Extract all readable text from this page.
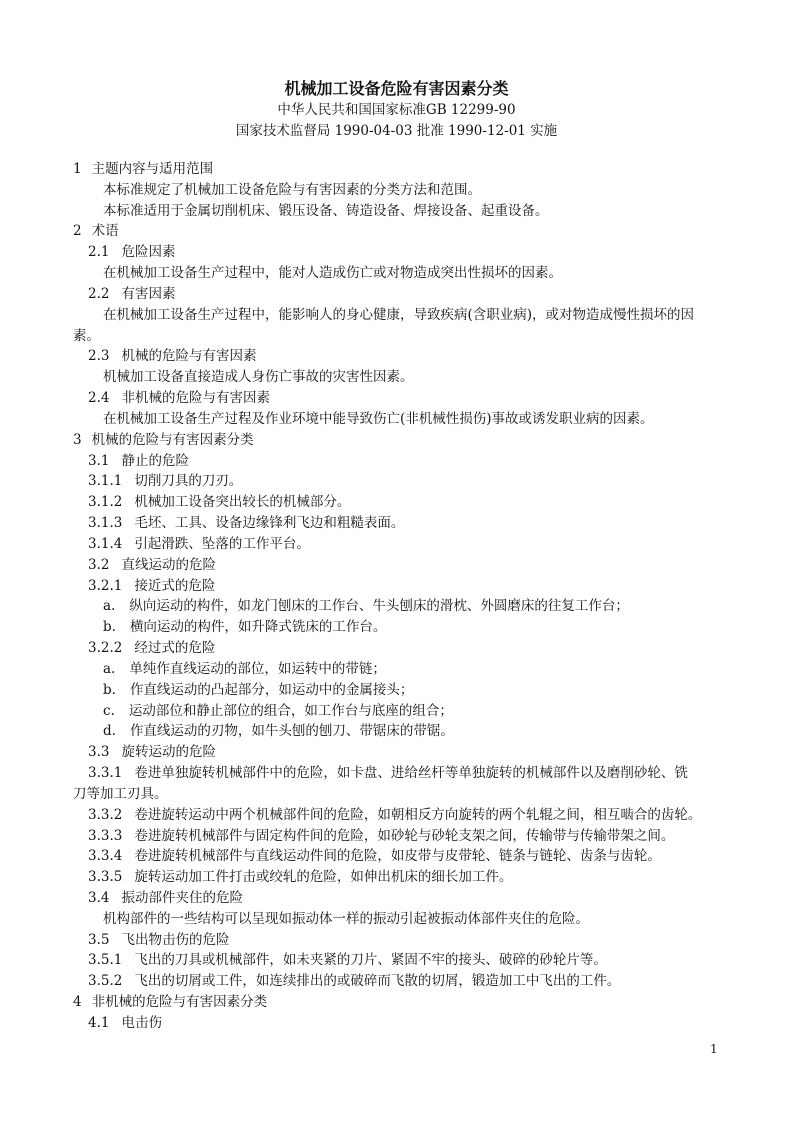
机械加工设备危险有害因素分类
中华人民共和国国家标准GB 12299-90
国家技术监督局 1990-04-03 批准 1990-12-01 实施
1 主题内容与适用范围
本标准规定了机械加工设备危险与有害因素的分类方法和范围。
本标准适用于金属切削机床、锻压设备、铸造设备、焊接设备、起重设备。
2 术语
2.1 危险因素
在机械加工设备生产过程中，能对人造成伤亡或对物造成突出性损坏的因素。
2.2 有害因素
在机械加工设备生产过程中，能影响人的身心健康，导致疾病(含职业病)，或对物造成慢性损坏的因
素。
2.3 机械的危险与有害因素
机械加工设备直接造成人身伤亡事故的灾害性因素。
2.4 非机械的危险与有害因素
在机械加工设备生产过程及作业环境中能导致伤亡(非机械性损伤)事故或诱发职业病的因素。
3 机械的危险与有害因素分类
3.1 静止的危险
3.1.1 切削刀具的刀刃。
3.1.2 机械加工设备突出较长的机械部分。
3.1.3 毛坯、工具、设备边缘锋利飞边和粗糙表面。
3.1.4 引起滑跌、坠落的工作平台。
3.2 直线运动的危险
3.2.1 接近式的危险
a. 纵向运动的构件，如龙门刨床的工作台、牛头刨床的滑枕、外圆磨床的往复工作台；
b. 横向运动的构件，如升降式铣床的工作台。
3.2.2 经过式的危险
a. 单纯作直线运动的部位，如运转中的带链；
b. 作直线运动的凸起部分，如运动中的金属接头；
c. 运动部位和静止部位的组合，如工作台与底座的组合；
d. 作直线运动的刃物，如牛头刨的刨刀、带锯床的带锯。
3.3 旋转运动的危险
3.3.1 卷进单独旋转机械部件中的危险，如卡盘、进给丝杆等单独旋转的机械部件以及磨削砂轮、铣
刀等加工刃具。
3.3.2 卷进旋转运动中两个机械部件间的危险，如朝相反方向旋转的两个轧辊之间，相互啮合的齿轮。
3.3.3 卷进旋转机械部件与固定构件间的危险，如砂轮与砂轮支架之间，传输带与传输带架之间。
3.3.4 卷进旋转机械部件与直线运动件间的危险，如皮带与皮带轮、链条与链轮、齿条与齿轮。
3.3.5 旋转运动加工件打击或绞轧的危险，如伸出机床的细长加工件。
3.4 振动部件夹住的危险
机构部件的一些结构可以呈现如振动体一样的振动引起被振动体部件夹住的危险。
3.5 飞出物击伤的危险
3.5.1 飞出的刀具或机械部件，如未夹紧的刀片、紧固不牢的接头、破碎的砂轮片等。
3.5.2 飞出的切屑或工件，如连续排出的或破碎而飞散的切屑，锻造加工中飞出的工件。
4 非机械的危险与有害因素分类
4.1 电击伤
1
